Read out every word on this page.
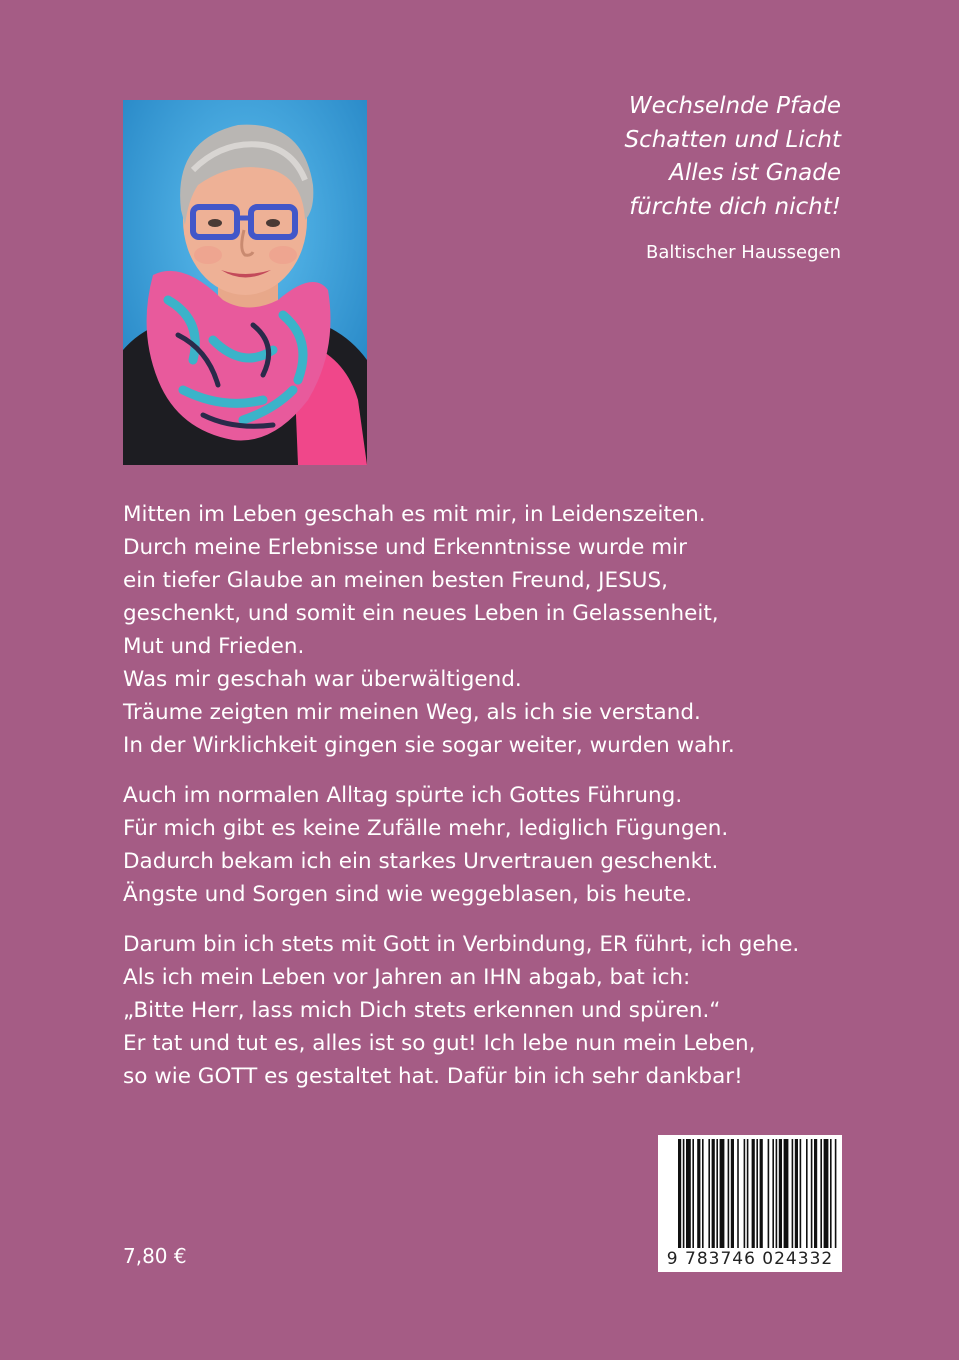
Wechselnde Pfade
Schatten und Licht
Alles ist Gnade
fürchte dich nicht!
Baltischer Haussegen

Mitten im Leben geschah es mit mir, in Leidenszeiten.
Durch meine Erlebnisse und Erkenntnisse wurde mir
ein tiefer Glaube an meinen besten Freund, JESUS,
geschenkt, und somit ein neues Leben in Gelassenheit,
Mut und Frieden.
Was mir geschah war überwältigend.
Träume zeigten mir meinen Weg, als ich sie verstand.
In der Wirklichkeit gingen sie sogar weiter, wurden wahr.

Auch im normalen Alltag spürte ich Gottes Führung.
Für mich gibt es keine Zufälle mehr, lediglich Fügungen.
Dadurch bekam ich ein starkes Urvertrauen geschenkt.
Ängste und Sorgen sind wie weggeblasen, bis heute.

Darum bin ich stets mit Gott in Verbindung, ER führt, ich gehe.
Als ich mein Leben vor Jahren an IHN abgab, bat ich:
„Bitte Herr, lass mich Dich stets erkennen und spüren.“
Er tat und tut es, alles ist so gut! Ich lebe nun mein Leben,
so wie GOTT es gestaltet hat. Dafür bin ich sehr dankbar!

7,80 €	9 783746 024332
